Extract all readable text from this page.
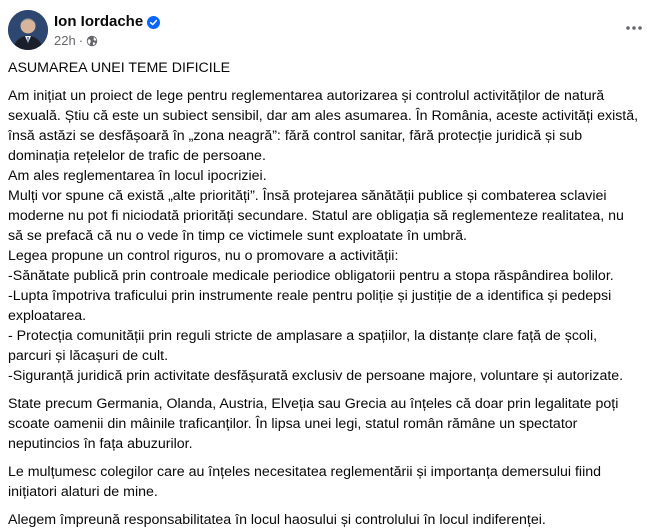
Ion Iordache
22h ·

ASUMAREA UNEI TEME DIFICILE

Am inițiat un proiect de lege pentru reglementarea autorizarea și controlul activităților de natură

sexuală. Știu că este un subiect sensibil, dar am ales asumarea. În România, aceste activități există,

însă astăzi se desfășoară în „zona neagră”: fără control sanitar, fără protecție juridică și sub

dominația rețelelor de trafic de persoane.

Am ales reglementarea în locul ipocriziei.

Mulți vor spune că există „alte priorități”. Însă protejarea sănătății publice și combaterea sclaviei

moderne nu pot fi niciodată priorități secundare. Statul are obligația să reglementeze realitatea, nu

să se prefacă că nu o vede în timp ce victimele sunt exploatate în umbră.

Legea propune un control riguros, nu o promovare a activității:

-Sănătate publică prin controale medicale periodice obligatorii pentru a stopa răspândirea bolilor.

-Lupta împotriva traficului prin instrumente reale pentru poliție și justiție de a identifica și pedepsi

exploatarea.

- Protecția comunității prin reguli stricte de amplasare a spațiilor, la distanțe clare față de școli,

parcuri și lăcașuri de cult.

-Siguranță juridică prin activitate desfășurată exclusiv de persoane majore, voluntare și autorizate.

State precum Germania, Olanda, Austria, Elveția sau Grecia au înțeles că doar prin legalitate poți

scoate oamenii din mâinile traficanților. În lipsa unei legi, statul român rămâne un spectator

neputincios în fața abuzurilor.

Le mulțumesc colegilor care au înțeles necesitatea reglementării și importanța demersului fiind

inițiatori alaturi de mine.

Alegem împreună responsabilitatea în locul haosului și controlului în locul indiferenței.
